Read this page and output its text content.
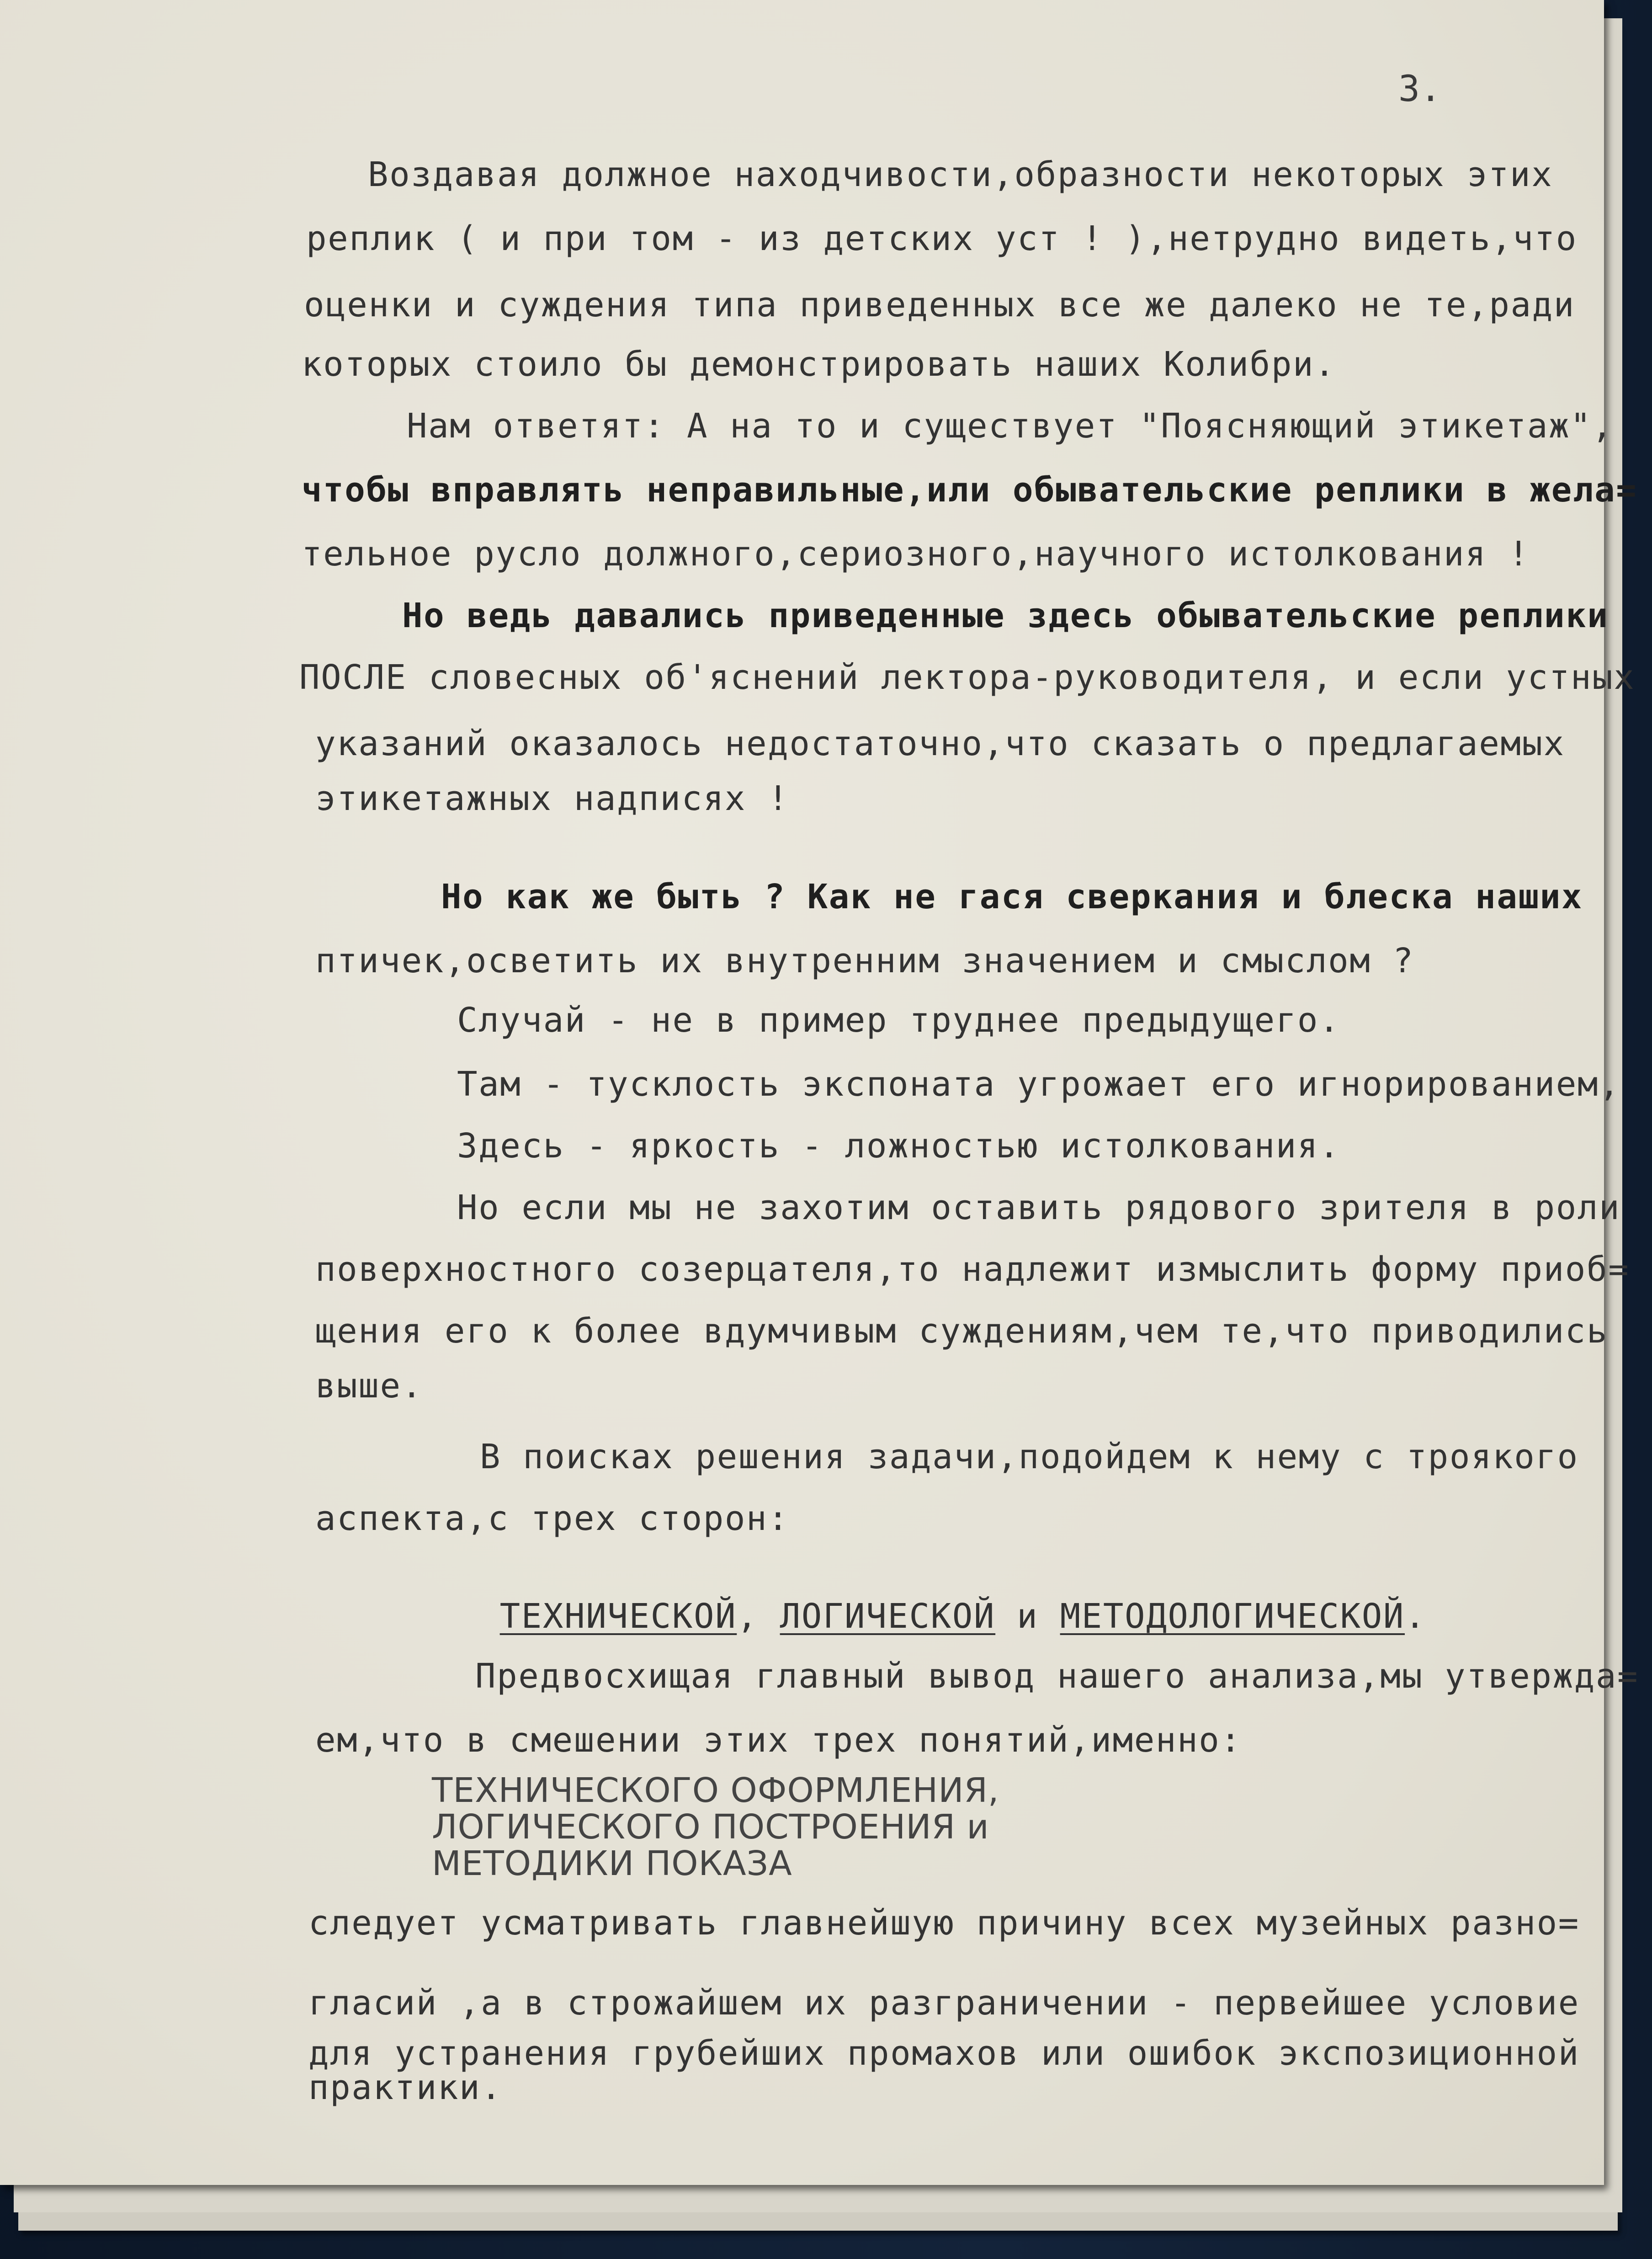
3.
Воздавая должное находчивости,образности некоторых этих
реплик ( и при том - из детских уст ! ),нетрудно видеть,что
оценки и суждения типа приведенных все же далеко не те,ради
которых стоило бы демонстрировать наших Колибри.
Нам ответят: А на то и существует "Поясняющий этикетаж",
чтобы вправлять неправильные,или обывательские реплики в жела=
тельное русло должного,сериозного,научного истолкования !
Но ведь давались приведенные здесь обывательские реплики
ПОСЛЕ словесных об'яснений лектора-руководителя, и если устных
указаний оказалось недостаточно,что сказать о предлагаемых
этикетажных надписях !
Но как же быть ? Как не гася сверкания и блеска наших
птичек,осветить их внутренним значением и смыслом ?
Случай - не в пример труднее предыдущего.
Там - тусклость экспоната угрожает его игнорированием,
Здесь - яркость - ложностью истолкования.
Но если мы не захотим оставить рядового зрителя в роли
поверхностного созерцателя,то надлежит измыслить форму приоб=
щения его к более вдумчивым суждениям,чем те,что приводились
выше.
В поисках решения задачи,подойдем к нему с троякого
аспекта,с трех сторон:

ТЕХНИЧЕСКОЙ, ЛОГИЧЕСКОЙ и МЕТОДОЛОГИЧЕСКОЙ.

Предвосхищая главный вывод нашего анализа,мы утвержда=
ем,что в смешении этих трех понятий,именно:
ТЕХНИЧЕСКОГО ОФОРМЛЕНИЯ,
ЛОГИЧЕСКОГО ПОСТРОЕНИЯ и
МЕТОДИКИ ПОКАЗА
следует усматривать главнейшую причину всех музейных разно=
гласий ,а в строжайшем их разграничении - первейшее условие
для устранения грубейших промахов или ошибок экспозиционной
практики.
